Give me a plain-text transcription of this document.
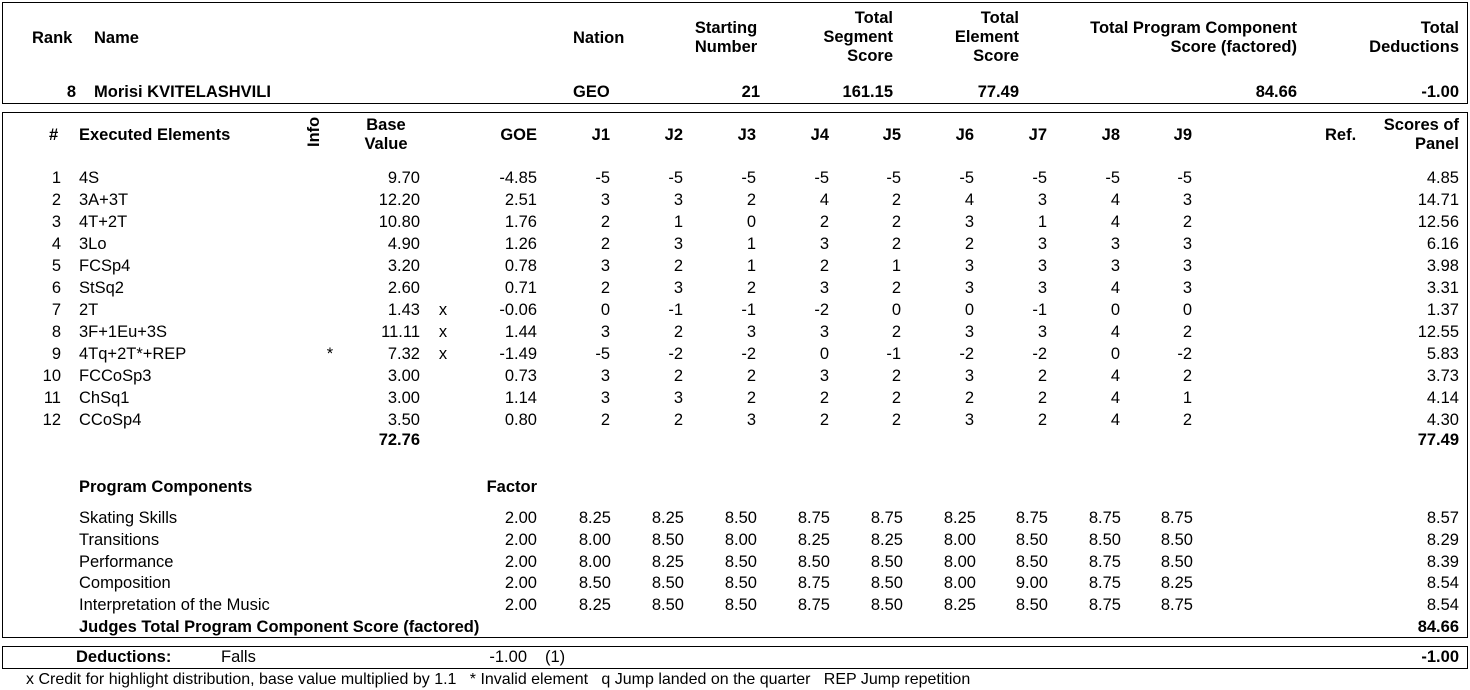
Rank Name	Nation
Starting
Number
Total
Segment
Score
Total
Element
Score
Total Program Component
Score (factored)
Total
Deductions
8 Morisi KVITELASHVILI	GEO	21	161.15	77.49	84.66	-1.00
# Executed Elements	Info	Base
Value	GOE	J1	J2	J3	J4	J5	J6	J7	J8	J9	Ref.
Scores of
Panel
1 4S	9.70	-4.85	-5	-5	-5	-5	-5	-5	-5	-5	-5	4.85
2 3A+3T	12.20	2.51	3	3	2	4	2	4	3	4	3	14.71
3 4T+2T	10.80	1.76	2	1	0	2	2	3	1	4	2	12.56
4 3Lo	4.90	1.26	2	3	1	3	2	2	3	3	3	6.16
5 FCSp4	3.20	0.78	3	2	1	2	1	3	3	3	3	3.98
6 StSq2	2.60	0.71	2	3	2	3	2	3	3	4	3	3.31
7 2T	1.43	x	-0.06	0	-1	-1	-2	0	0	-1	0	0	1.37
8 3F+1Eu+3S	11.11	x	1.44	3	2	3	3	2	3	3	4	2	12.55
9 4Tq+2T*+REP	*	7.32	x	-1.49	-5	-2	-2	0	-1	-2	-2	0	-2	5.83
10 FCCoSp3	3.00	0.73	3	2	2	3	2	3	2	4	2	3.73
11 ChSq1	3.00	1.14	3	3	2	2	2	2	2	4	1	4.14
12 CCoSp4	3.50	0.80	2	2	3	2	2	3	2	4	2	4.30
72.76	77.49
Program Components	Factor
Skating Skills	2.00	8.25	8.25	8.50	8.75	8.75	8.25	8.75	8.75	8.75	8.57
Transitions	2.00	8.00	8.50	8.00	8.25	8.25	8.00	8.50	8.50	8.50	8.29
Performance	2.00	8.00	8.25	8.50	8.50	8.50	8.00	8.50	8.75	8.50	8.39
Composition	2.00	8.50	8.50	8.50	8.75	8.50	8.00	9.00	8.75	8.25	8.54
Interpretation of the Music	2.00	8.25	8.50	8.50	8.75	8.50	8.25	8.50	8.75	8.75	8.54
Judges Total Program Component Score (factored)	84.66
Deductions:	Falls	-1.00 (1)	-1.00
x Credit for highlight distribution, base value multiplied by 1.1   * Invalid element   q Jump landed on the quarter   REP Jump repetition
